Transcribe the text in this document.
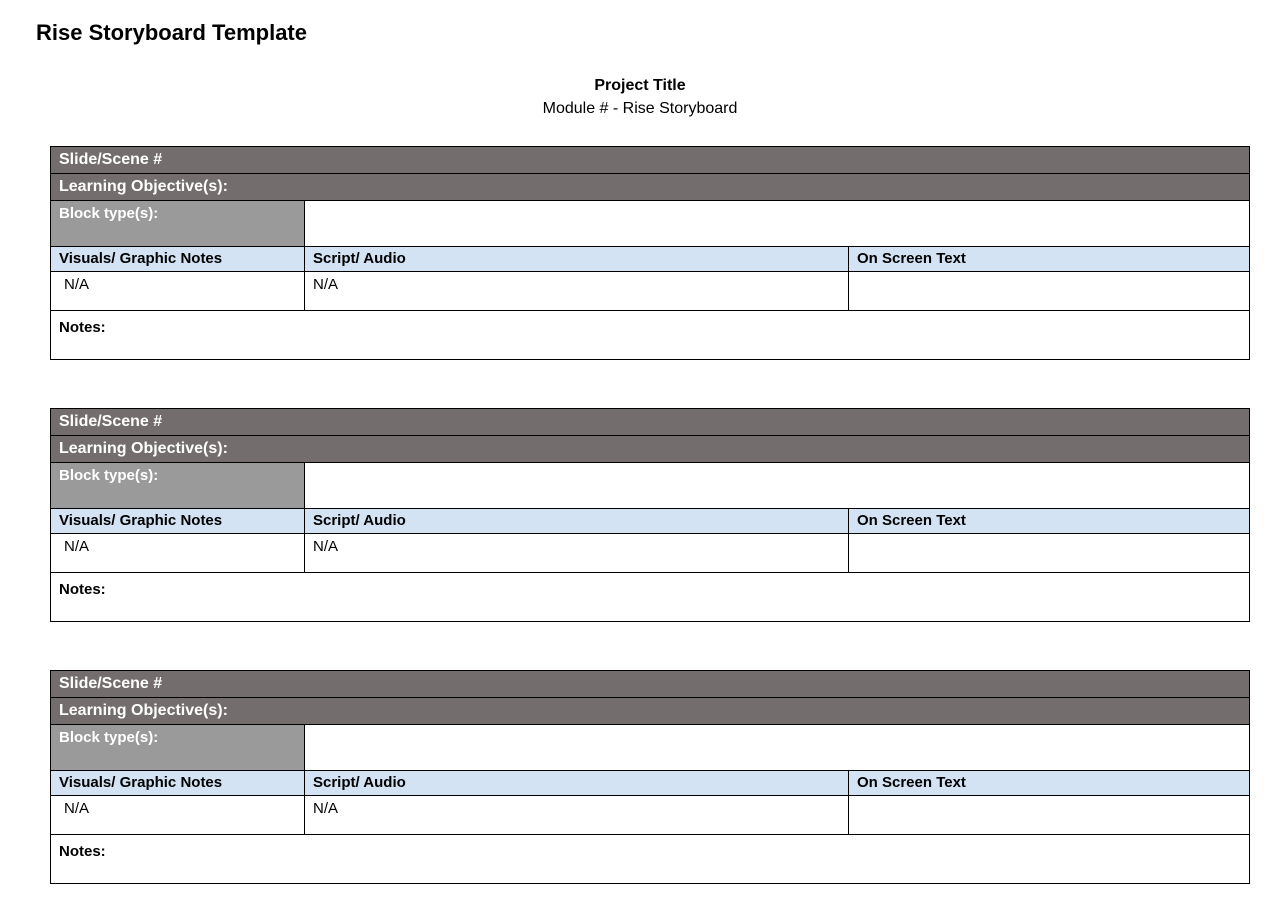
Rise Storyboard Template
Project Title
Module # - Rise Storyboard
Slide/Scene #		
Learning Objective(s):		
Block type(s):		
Visuals/ Graphic Notes	Script/ Audio	On Screen Text
N/A	N/A	
Notes:		
Slide/Scene #		
Learning Objective(s):		
Block type(s):		
Visuals/ Graphic Notes	Script/ Audio	On Screen Text
N/A	N/A	
Notes:		
Slide/Scene #		
Learning Objective(s):		
Block type(s):		
Visuals/ Graphic Notes	Script/ Audio	On Screen Text
N/A	N/A	
Notes:		
